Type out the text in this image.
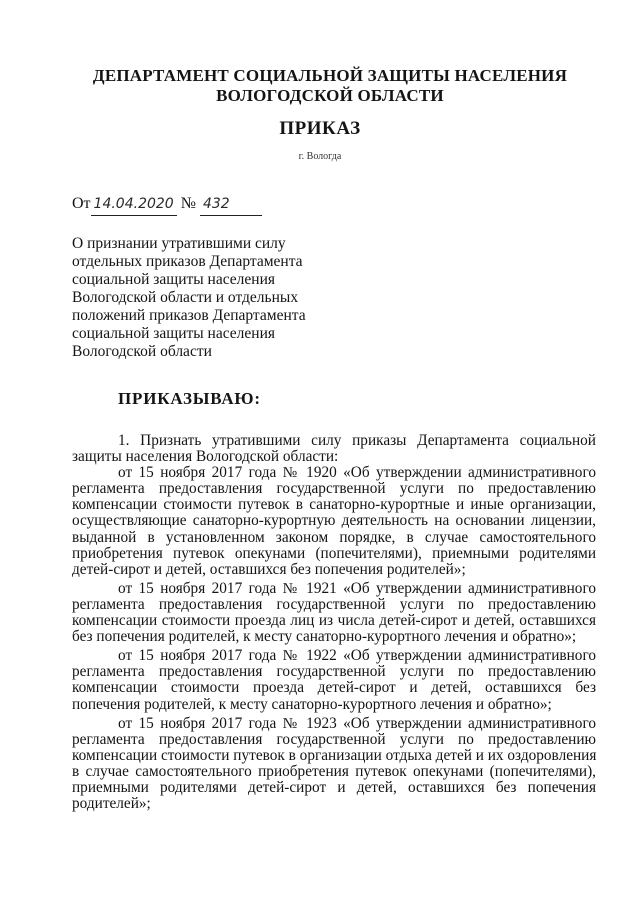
ДЕПАРТАМЕНТ СОЦИАЛЬНОЙ ЗАЩИТЫ НАСЕЛЕНИЯ
ВОЛОГОДСКОЙ ОБЛАСТИ
ПРИКАЗ
г. Вологда
От 14.04.2020 № 432
О признании утратившими силу
отдельных приказов Департамента
социальной защиты населения
Вологодской области и отдельных
положений приказов Департамента
социальной защиты населения
Вологодской области
ПРИКАЗЫВАЮ:
1. Признать утратившими силу приказы Департамента социальной
защиты населения Вологодской области:
от 15 ноября 2017 года № 1920 «Об утверждении административного
регламента предоставления государственной услуги по предоставлению
компенсации стоимости путевок в санаторно-курортные и иные организации,
осуществляющие санаторно-курортную деятельность на основании лицензии,
выданной в установленном законом порядке, в случае самостоятельного
приобретения путевок опекунами (попечителями), приемными родителями
детей-сирот и детей, оставшихся без попечения родителей»;
от 15 ноября 2017 года № 1921 «Об утверждении административного
регламента предоставления государственной услуги по предоставлению
компенсации стоимости проезда лиц из числа детей-сирот и детей, оставшихся
без попечения родителей, к месту санаторно-курортного лечения и обратно»;
от 15 ноября 2017 года № 1922 «Об утверждении административного
регламента предоставления государственной услуги по предоставлению
компенсации стоимости проезда детей-сирот и детей, оставшихся без
попечения родителей, к месту санаторно-курортного лечения и обратно»;
от 15 ноября 2017 года № 1923 «Об утверждении административного
регламента предоставления государственной услуги по предоставлению
компенсации стоимости путевок в организации отдыха детей и их оздоровления
в случае самостоятельного приобретения путевок опекунами (попечителями),
приемными родителями детей-сирот и детей, оставшихся без попечения
родителей»;
